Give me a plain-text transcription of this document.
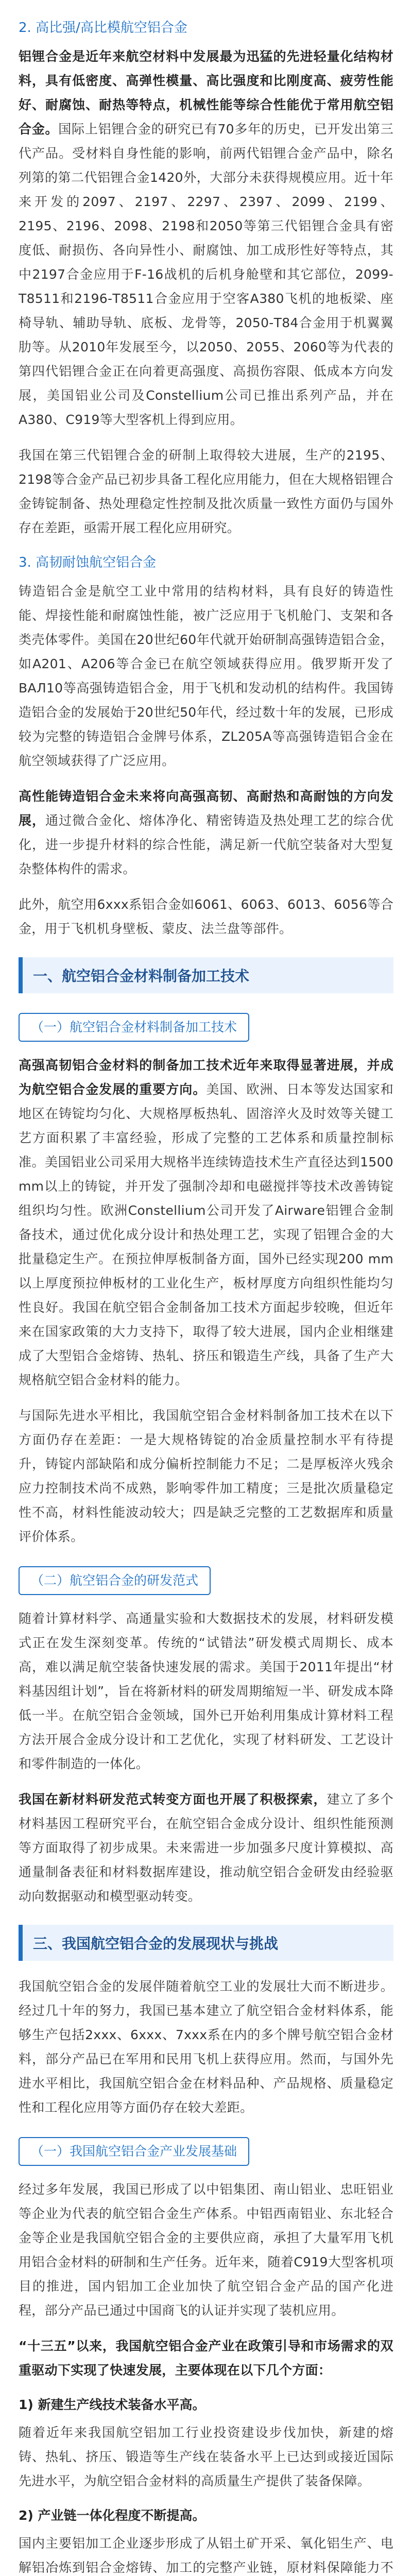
2. 高比强/高比模航空铝合金

铝锂合金是近年来航空材料中发展最为迅猛的先进轻量化结构材料，具有低密度、高弹性模量、高比强度和比刚度高、疲劳性能好、耐腐蚀、耐热等特点，机械性能等综合性能优于常用航空铝合金。国际上铝锂合金的研究已有70多年的历史，已开发出第三代产品。受材料自身性能的影响，前两代铝锂合金产品中，除名列第的第二代铝锂合金1420外，大部分未获得规模应用。近十年来开发的2097、2197、2297、2397、2099、2199、2195、2196、2098、2198和2050等第三代铝锂合金具有密度低、耐损伤、各向异性小、耐腐蚀、加工成形性好等特点，其中2197合金应用于F-16战机的后机身舱壁和其它部位，2099-T8511和2196-T8511合金应用于空客A380飞机的地板梁、座椅导轨、辅助导轨、底板、龙骨等，2050-T84合金用于机翼翼肋等。从2010年发展至今，以2050、2055、2060等为代表的第四代铝锂合金正在向着更高强度、高损伤容限、低成本方向发展，美国铝业公司及Constellium公司已推出系列产品，并在A380、C919等大型客机上得到应用。

我国在第三代铝锂合金的研制上取得较大进展，生产的2195、2198等合金产品已初步具备工程化应用能力，但在大规格铝锂合金铸锭制备、热处理稳定性控制及批次质量一致性方面仍与国外存在差距，亟需开展工程化应用研究。

3. 高韧耐蚀航空铝合金

铸造铝合金是航空工业中常用的结构材料，具有良好的铸造性能、焊接性能和耐腐蚀性能，被广泛应用于飞机舱门、支架和各类壳体零件。美国在20世纪60年代就开始研制高强铸造铝合金，如A201、A206等合金已在航空领域获得应用。俄罗斯开发了ВАЛ10等高强铸造铝合金，用于飞机和发动机的结构件。我国铸造铝合金的发展始于20世纪50年代，经过数十年的发展，已形成较为完整的铸造铝合金牌号体系，ZL205A等高强铸造铝合金在航空领域获得了广泛应用。

高性能铸造铝合金未来将向高强高韧、高耐热和高耐蚀的方向发展，通过微合金化、熔体净化、精密铸造及热处理工艺的综合优化，进一步提升材料的综合性能，满足新一代航空装备对大型复杂整体构件的需求。

此外，航空用6xxx系铝合金如6061、6063、6013、6056等合金，用于飞机机身壁板、蒙皮、法兰盘等部件。

一、航空铝合金材料制备加工技术
（一）航空铝合金材料制备加工技术

高强高韧铝合金材料的制备加工技术近年来取得显著进展，并成为航空铝合金发展的重要方向。美国、欧洲、日本等发达国家和地区在铸锭均匀化、大规格厚板热轧、固溶淬火及时效等关键工艺方面积累了丰富经验，形成了完整的工艺体系和质量控制标准。美国铝业公司采用大规格半连续铸造技术生产直径达到1500 mm以上的铸锭，并开发了强制冷却和电磁搅拌等技术改善铸锭组织均匀性。欧洲Constellium公司开发了Airware铝锂合金制备技术，通过优化成分设计和热处理工艺，实现了铝锂合金的大批量稳定生产。在预拉伸厚板制备方面，国外已经实现200 mm以上厚度预拉伸板材的工业化生产，板材厚度方向组织性能均匀性良好。我国在航空铝合金制备加工技术方面起步较晚，但近年来在国家政策的大力支持下，取得了较大进展，国内企业相继建成了大型铝合金熔铸、热轧、挤压和锻造生产线，具备了生产大规格航空铝合金材料的能力。

与国际先进水平相比，我国航空铝合金材料制备加工技术在以下方面仍存在差距：一是大规格铸锭的冶金质量控制水平有待提升，铸锭内部缺陷和成分偏析控制能力不足；二是厚板淬火残余应力控制技术尚不成熟，影响零件加工精度；三是批次质量稳定性不高，材料性能波动较大；四是缺乏完整的工艺数据库和质量评价体系。

（二）航空铝合金的研发范式

随着计算材料学、高通量实验和大数据技术的发展，材料研发模式正在发生深刻变革。传统的“试错法”研发模式周期长、成本高，难以满足航空装备快速发展的需求。美国于2011年提出“材料基因组计划”，旨在将新材料的研发周期缩短一半、研发成本降低一半。在航空铝合金领域，国外已开始利用集成计算材料工程方法开展合金成分设计和工艺优化，实现了材料研发、工艺设计和零件制造的一体化。

我国在新材料研发范式转变方面也开展了积极探索，建立了多个材料基因工程研究平台，在航空铝合金成分设计、组织性能预测等方面取得了初步成果。未来需进一步加强多尺度计算模拟、高通量制备表征和材料数据库建设，推动航空铝合金研发由经验驱动向数据驱动和模型驱动转变。

三、我国航空铝合金的发展现状与挑战

我国航空铝合金的发展伴随着航空工业的发展壮大而不断进步。经过几十年的努力，我国已基本建立了航空铝合金材料体系，能够生产包括2xxx、6xxx、7xxx系在内的多个牌号航空铝合金材料，部分产品已在军用和民用飞机上获得应用。然而，与国外先进水平相比，我国航空铝合金在材料品种、产品规格、质量稳定性和工程化应用等方面仍存在较大差距。

（一）我国航空铝合金产业发展基础

经过多年发展，我国已形成了以中铝集团、南山铝业、忠旺铝业等企业为代表的航空铝合金生产体系。中铝西南铝业、东北轻合金等企业是我国航空铝合金的主要供应商，承担了大量军用飞机用铝合金材料的研制和生产任务。近年来，随着C919大型客机项目的推进，国内铝加工企业加快了航空铝合金产品的国产化进程，部分产品已通过中国商飞的认证并实现了装机应用。

“十三五”以来，我国航空铝合金产业在政策引导和市场需求的双重驱动下实现了快速发展，主要体现在以下几个方面：

1) 新建生产线技术装备水平高。

随着近年来我国航空铝加工行业投资建设步伐加快，新建的熔铸、热轧、挤压、锻造等生产线在装备水平上已达到或接近国际先进水平，为航空铝合金材料的高质量生产提供了装备保障。

2) 产业链一体化程度不断提高。

国内主要铝加工企业逐步形成了从铝土矿开采、氧化铝生产、电解铝冶炼到铝合金熔铸、加工的完整产业链，原材料保障能力不
